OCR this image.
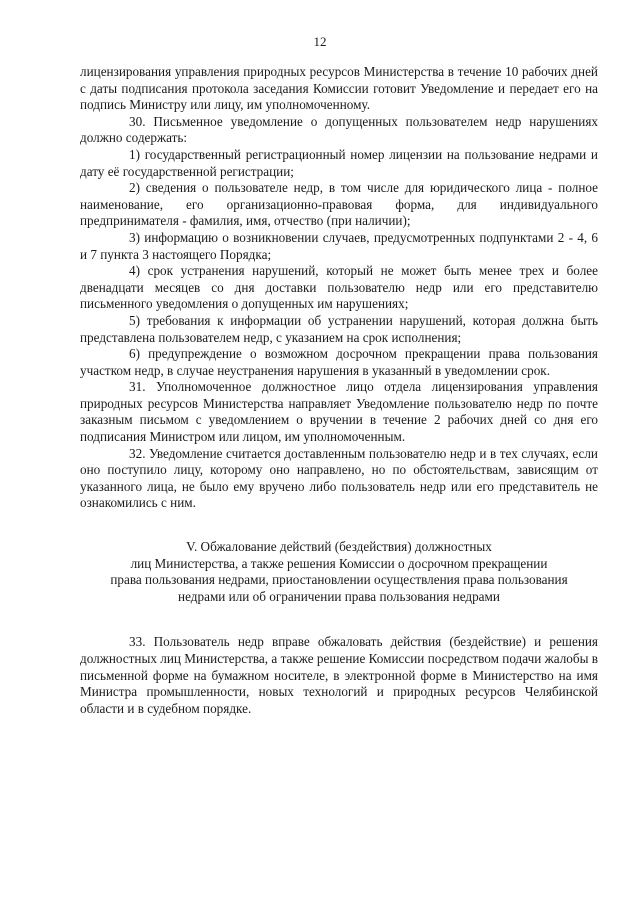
12

лицензирования управления природных ресурсов Министерства в течение 10 рабочих дней с даты подписания протокола заседания Комиссии готовит Уведомление и передает его на подпись Министру или лицу, им уполномоченному.

30. Письменное уведомление о допущенных пользователем недр нарушениях должно содержать:

1) государственный регистрационный номер лицензии на пользование недрами и дату её государственной регистрации;

2) сведения о пользователе недр, в том числе для юридического лица - полное наименование, его организационно-правовая форма, для индивидуального предпринимателя - фамилия, имя, отчество (при наличии);

3) информацию о возникновении случаев, предусмотренных подпунктами 2 - 4, 6 и 7 пункта 3 настоящего Порядка;

4) срок устранения нарушений, который не может быть менее трех и более двенадцати месяцев со дня доставки пользователю недр или его представителю письменного уведомления о допущенных им нарушениях;

5) требования к информации об устранении нарушений, которая должна быть представлена пользователем недр, с указанием на срок исполнения;

6) предупреждение о возможном досрочном прекращении права пользования участком недр, в случае неустранения нарушения в указанный в уведомлении срок.

31. Уполномоченное должностное лицо отдела лицензирования управления природных ресурсов Министерства направляет Уведомление пользователю недр по почте заказным письмом с уведомлением о вручении в течение 2 рабочих дней со дня его подписания Министром или лицом, им уполномоченным.

32. Уведомление считается доставленным пользователю недр и в тех случаях, если оно поступило лицу, которому оно направлено, но по обстоятельствам, зависящим от указанного лица, не было ему вручено либо пользователь недр или его представитель не ознакомились с ним.

V. Обжалование действий (бездействия) должностных
лиц Министерства, а также решения Комиссии о досрочном прекращении
права пользования недрами, приостановлении осуществления права пользования
недрами или об ограничении права пользования недрами

33. Пользователь недр вправе обжаловать действия (бездействие) и решения должностных лиц Министерства, а также решение Комиссии посредством подачи жалобы в письменной форме на бумажном носителе, в электронной форме в Министерство на имя Министра промышленности, новых технологий и природных ресурсов Челябинской области и в судебном порядке.
